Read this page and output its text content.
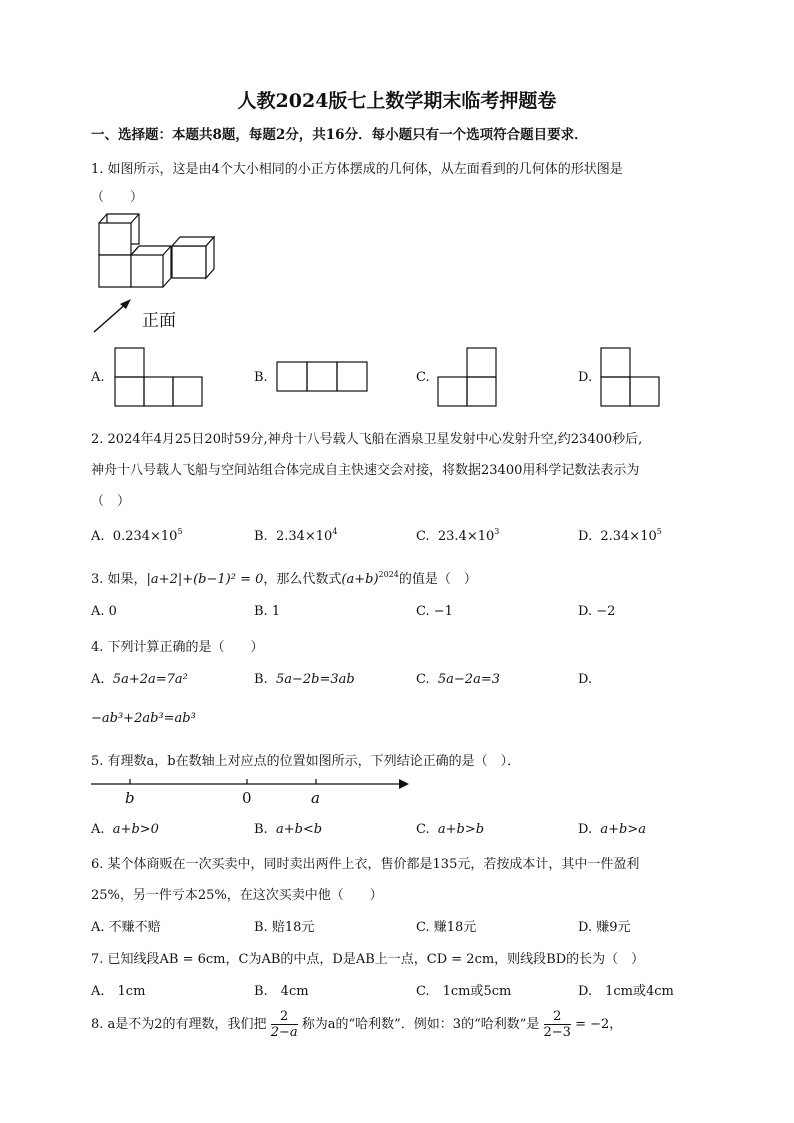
人教2024版七上数学期末临考押题卷
一、选择题：本题共8题，每题2分，共16分．每小题只有一个选项符合题目要求．
1. 如图所示，这是由4个大小相同的小正方体摆成的几何体，从左面看到的几何体的形状图是
（　　）
正面
A.	B.	C.	D.
2. 2024年4月25日20时59分,神舟十八号载人飞船在酒泉卫星发射中心发射升空,约23400秒后,
神舟十八号载人飞船与空间站组合体完成自主快速交会对接，将数据23400用科学记数法表示为
（　）
A. $0.234\times 10^5$	B. $2.34\times 10^4$	C. $23.4\times 10^3$	D. $2.34\times 10^5$
3. 如果，|a+2|+(b−1)² = 0，那么代数式$(a+b)^{2024}$的值是（　）
A. 0	B. 1	C. −1	D. −2
4. 下列计算正确的是（　　）
A. 5a+2a=7a²	B. 5a−2b=3ab	C. 5a−2a=3	D.
−ab³+2ab³=ab³
5. 有理数a，b在数轴上对应点的位置如图所示，下列结论正确的是（　）．
b	0	a
A. a+b>0	B. a+b<b	C. a+b>b	D. a+b>a
6. 某个体商贩在一次买卖中，同时卖出两件上衣，售价都是135元，若按成本计，其中一件盈利
25%，另一件亏本25%，在这次买卖中他（　　）
A. 不赚不赔	B. 赔18元	C. 赚18元	D. 赚9元
7. 已知线段AB = 6cm，C为AB的中点，D是AB上一点，CD = 2cm，则线段BD的长为（　）
A.　1cm	B.　4cm	C.　1cm或5cm	D.　1cm或4cm
8. a是不为2的有理数，我们把 $\frac{2}{2-a}$ 称为a的“哈利数”．例如：3的“哈利数”是 $\frac{2}{2-3} = -2$，
